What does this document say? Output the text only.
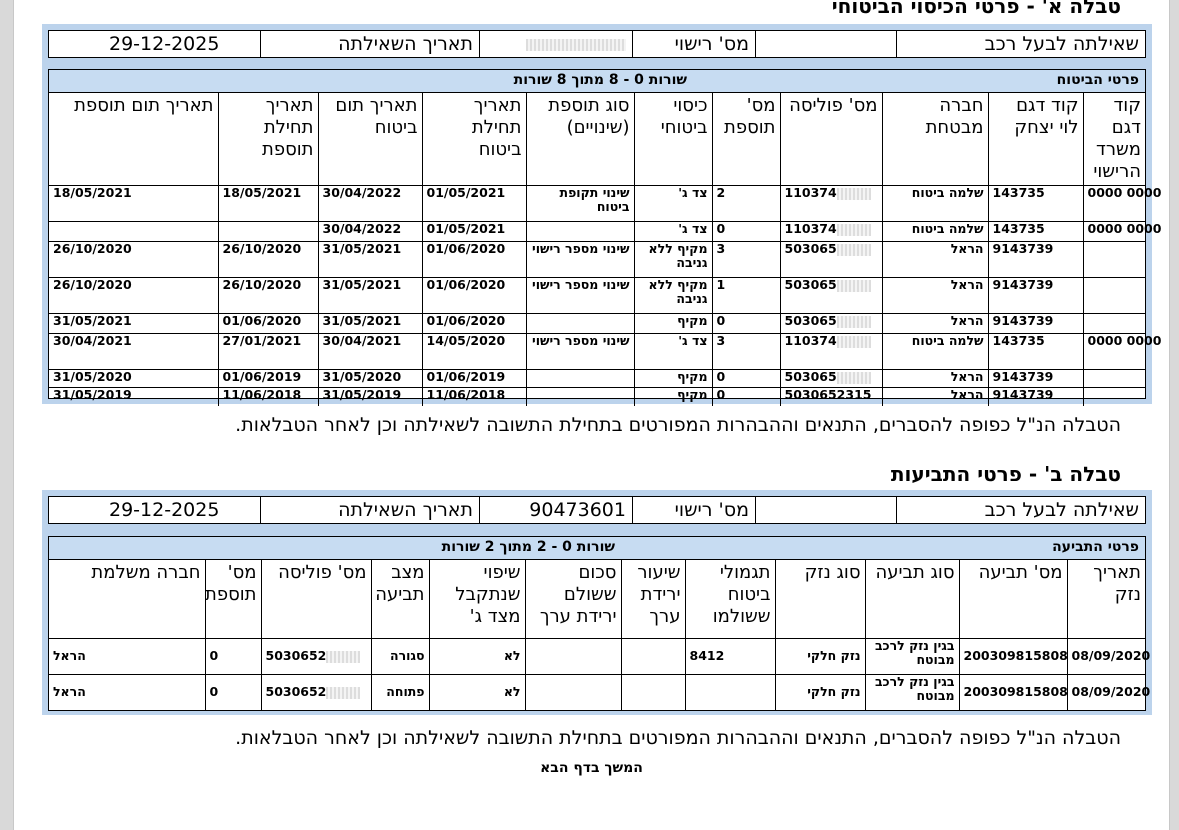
טבלה א' - פרטי הכיסוי הביטוחי
שאילתה לבעל רכב
מס' רישוי
תאריך השאילתה
29-12-2025
פרטי הביטוח
שורות 0 - 8 מתוך 8 שורות
קוד דגם משרד הרישוי	קוד דגם לוי יצחק	חברה מבטחת	מס' פוליסה	מס' תוספת	כיסוי ביטוחי	סוג תוספת (שינויים)	תאריך תחילת ביטוח	תאריך תום ביטוח	תאריך תחילת תוספת	תאריך תום תוספת
0000 0000	143735	שלמה ביטוח	110374	2	צד ג'	שינוי תקופת ביטוח	01/05/2021	30/04/2022	18/05/2021	18/05/2021
0000 0000	143735	שלמה ביטוח	110374	0	צד ג'		01/05/2021	30/04/2022		
	9143739	הראל	503065	3	מקיף ללא גניבה	שינוי מספר רישוי	01/06/2020	31/05/2021	26/10/2020	26/10/2020
	9143739	הראל	503065	1	מקיף ללא גניבה	שינוי מספר רישוי	01/06/2020	31/05/2021	26/10/2020	26/10/2020
	9143739	הראל	503065	0	מקיף		01/06/2020	31/05/2021	01/06/2020	31/05/2021
0000 0000	143735	שלמה ביטוח	110374	3	צד ג'	שינוי מספר רישוי	14/05/2020	30/04/2021	27/01/2021	30/04/2021
	9143739	הראל	503065	0	מקיף		01/06/2019	31/05/2020	01/06/2019	31/05/2020
	9143739	הראל	5030652315	0	מקיף		11/06/2018	31/05/2019	11/06/2018	31/05/2019
הטבלה הנ"ל כפופה להסברים, התנאים וההבהרות המפורטים בתחילת התשובה לשאילתה וכן לאחר הטבלאות.
טבלה ב' - פרטי התביעות
שאילתה לבעל רכב
מס' רישוי
90473601
תאריך השאילתה
29-12-2025
פרטי התביעה
שורות 0 - 2 מתוך 2 שורות
תאריך נזק	מס' תביעה	סוג תביעה	סוג נזק	תגמולי ביטוח ששולמו	שיעור ירידת ערך	סכום ששולם ירידת ערך	שיפוי שנתקבל מצד ג'	מצב תביעה	מס' פוליסה	מס' תוספת	חברה משלמת
08/09/2020	200309815808	בגין נזק לרכב מבוטח	נזק חלקי	8412			לא	סגורה	5030652	0	הראל
08/09/2020	200309815808	בגין נזק לרכב מבוטח	נזק חלקי				לא	פתוחה	5030652	0	הראל
הטבלה הנ"ל כפופה להסברים, התנאים וההבהרות המפורטים בתחילת התשובה לשאילתה וכן לאחר הטבלאות.
המשך בדף הבא
